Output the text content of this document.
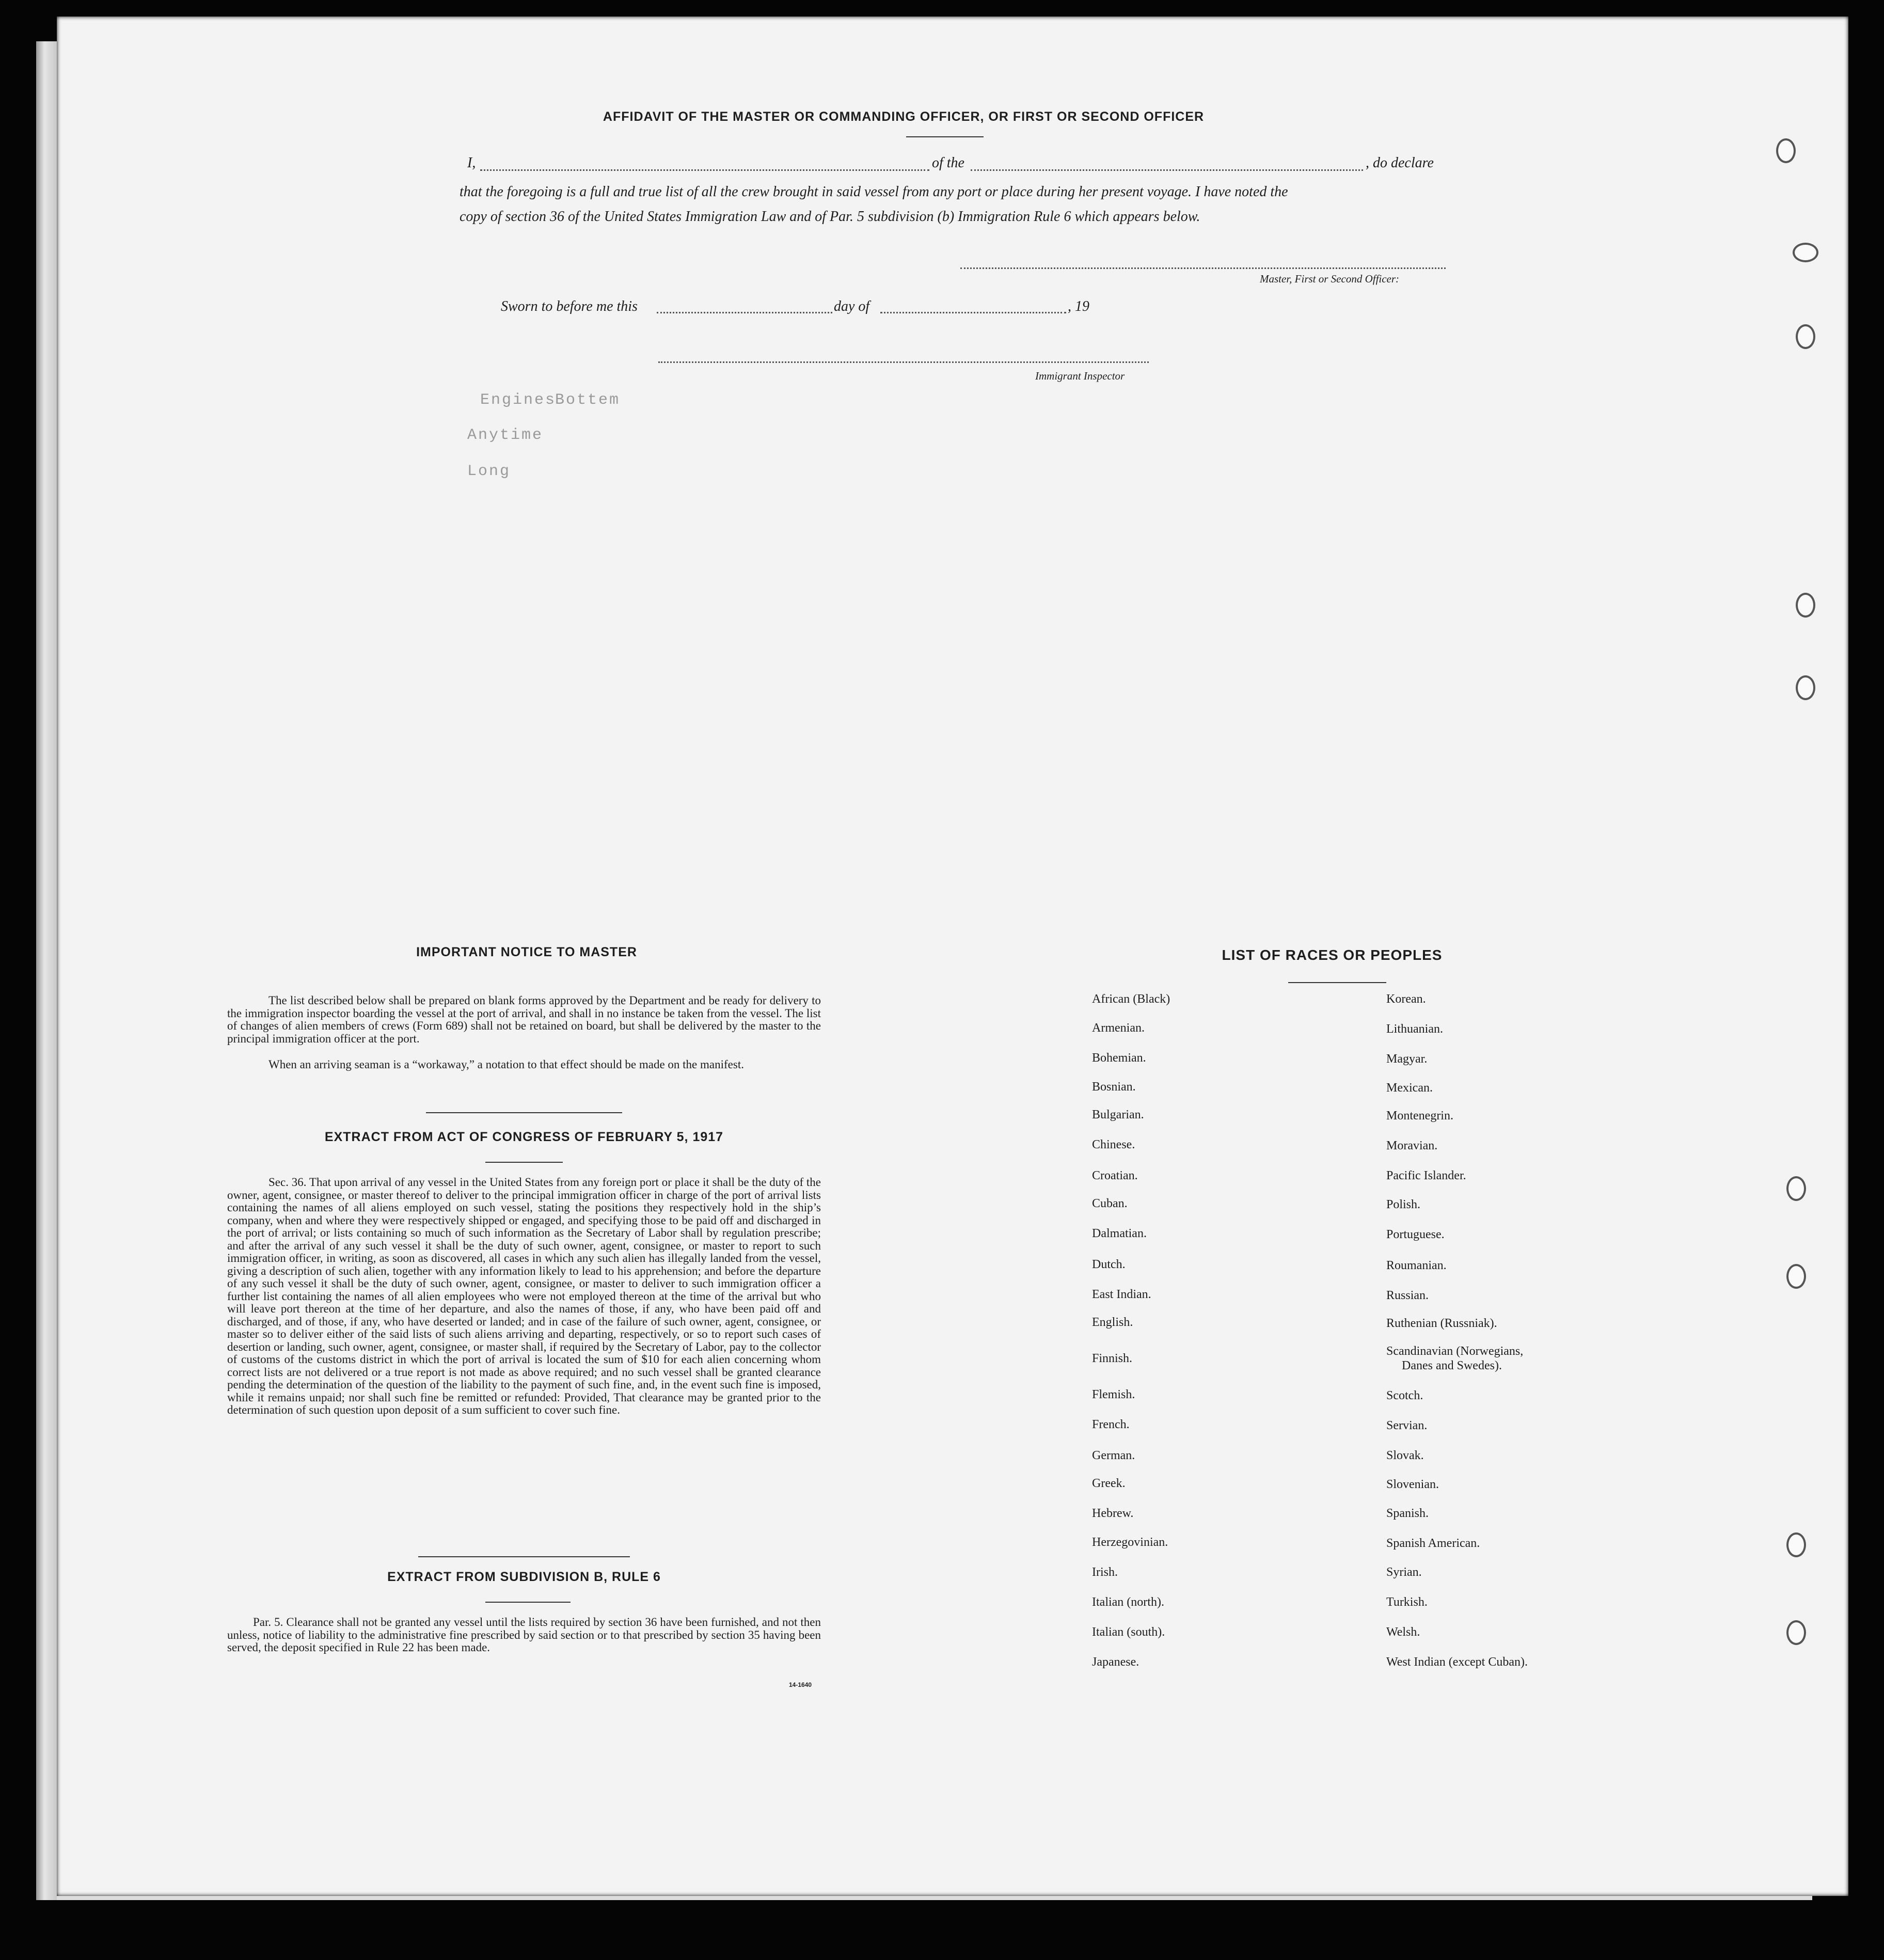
AFFIDAVIT OF THE MASTER OR COMMANDING OFFICER, OR FIRST OR SECOND OFFICER
I,	of the	, do declare
that the foregoing is a full and true list of all the crew brought in said vessel from any port or place during her present voyage. I have noted the
copy of section 36 of the United States Immigration Law and of Par. 5 subdivision (b) Immigration Rule 6 which appears below.
Master, First or Second Officer:
Sworn to before me this	day of	, 19
Immigrant Inspector
Bottem
Engines
Anytime
Long
IMPORTANT NOTICE TO MASTER
The list described below shall be prepared on blank forms approved by the Department and be ready for delivery to the immigration inspector boarding the vessel at the port of arrival, and shall in no instance be taken from the vessel. The list of changes of alien members of crews (Form 689) shall not be retained on board, but shall be delivered by the master to the principal immigration officer at the port.
When an arriving seaman is a “workaway,” a notation to that effect should be made on the manifest.
EXTRACT FROM ACT OF CONGRESS OF FEBRUARY 5, 1917
Sec. 36. That upon arrival of any vessel in the United States from any foreign port or place it shall be the duty of the owner, agent, consignee, or master thereof to deliver to the principal immigration officer in charge of the port of arrival lists containing the names of all aliens employed on such vessel, stating the positions they respectively hold in the ship’s company, when and where they were respectively shipped or engaged, and specifying those to be paid off and discharged in the port of arrival; or lists containing so much of such information as the Secretary of Labor shall by regulation prescribe; and after the arrival of any such vessel it shall be the duty of such owner, agent, consignee, or master to report to such immigration officer, in writing, as soon as discovered, all cases in which any such alien has illegally landed from the vessel, giving a description of such alien, together with any information likely to lead to his apprehension; and before the departure of any such vessel it shall be the duty of such owner, agent, consignee, or master to deliver to such immigration officer a further list containing the names of all alien employees who were not employed thereon at the time of the arrival but who will leave port thereon at the time of her departure, and also the names of those, if any, who have been paid off and discharged, and of those, if any, who have deserted or landed; and in case of the failure of such owner, agent, consignee, or master so to deliver either of the said lists of such aliens arriving and departing, respectively, or so to report such cases of desertion or landing, such owner, agent, consignee, or master shall, if required by the Secretary of Labor, pay to the collector of customs of the customs district in which the port of arrival is located the sum of $10 for each alien concerning whom correct lists are not delivered or a true report is not made as above required; and no such vessel shall be granted clearance pending the determination of the question of the liability to the payment of such fine, and, in the event such fine is imposed, while it remains unpaid; nor shall such fine be remitted or refunded: Provided, That clearance may be granted prior to the determination of such question upon deposit of a sum sufficient to cover such fine.
EXTRACT FROM SUBDIVISION B, RULE 6
Par. 5. Clearance shall not be granted any vessel until the lists required by section 36 have been furnished, and not then unless, notice of liability to the administrative fine prescribed by said section or to that prescribed by section 35 having been served, the deposit specified in Rule 22 has been made.
14-1640
LIST OF RACES OR PEOPLES
African (Black)
Armenian.
Bohemian.
Bosnian.
Bulgarian.
Chinese.
Croatian.
Cuban.
Dalmatian.
Dutch.
East Indian.
English.
Finnish.
Flemish.
French.
German.
Greek.
Hebrew.
Herzegovinian.
Irish.
Italian (north).
Italian (south).
Japanese.
Korean.
Lithuanian.
Magyar.
Mexican.
Montenegrin.
Moravian.
Pacific Islander.
Polish.
Portuguese.
Roumanian.
Russian.
Ruthenian (Russniak).
Scandinavian (Norwegians,
Danes and Swedes).
Scotch.
Servian.
Slovak.
Slovenian.
Spanish.
Spanish American.
Syrian.
Turkish.
Welsh.
West Indian (except Cuban).
